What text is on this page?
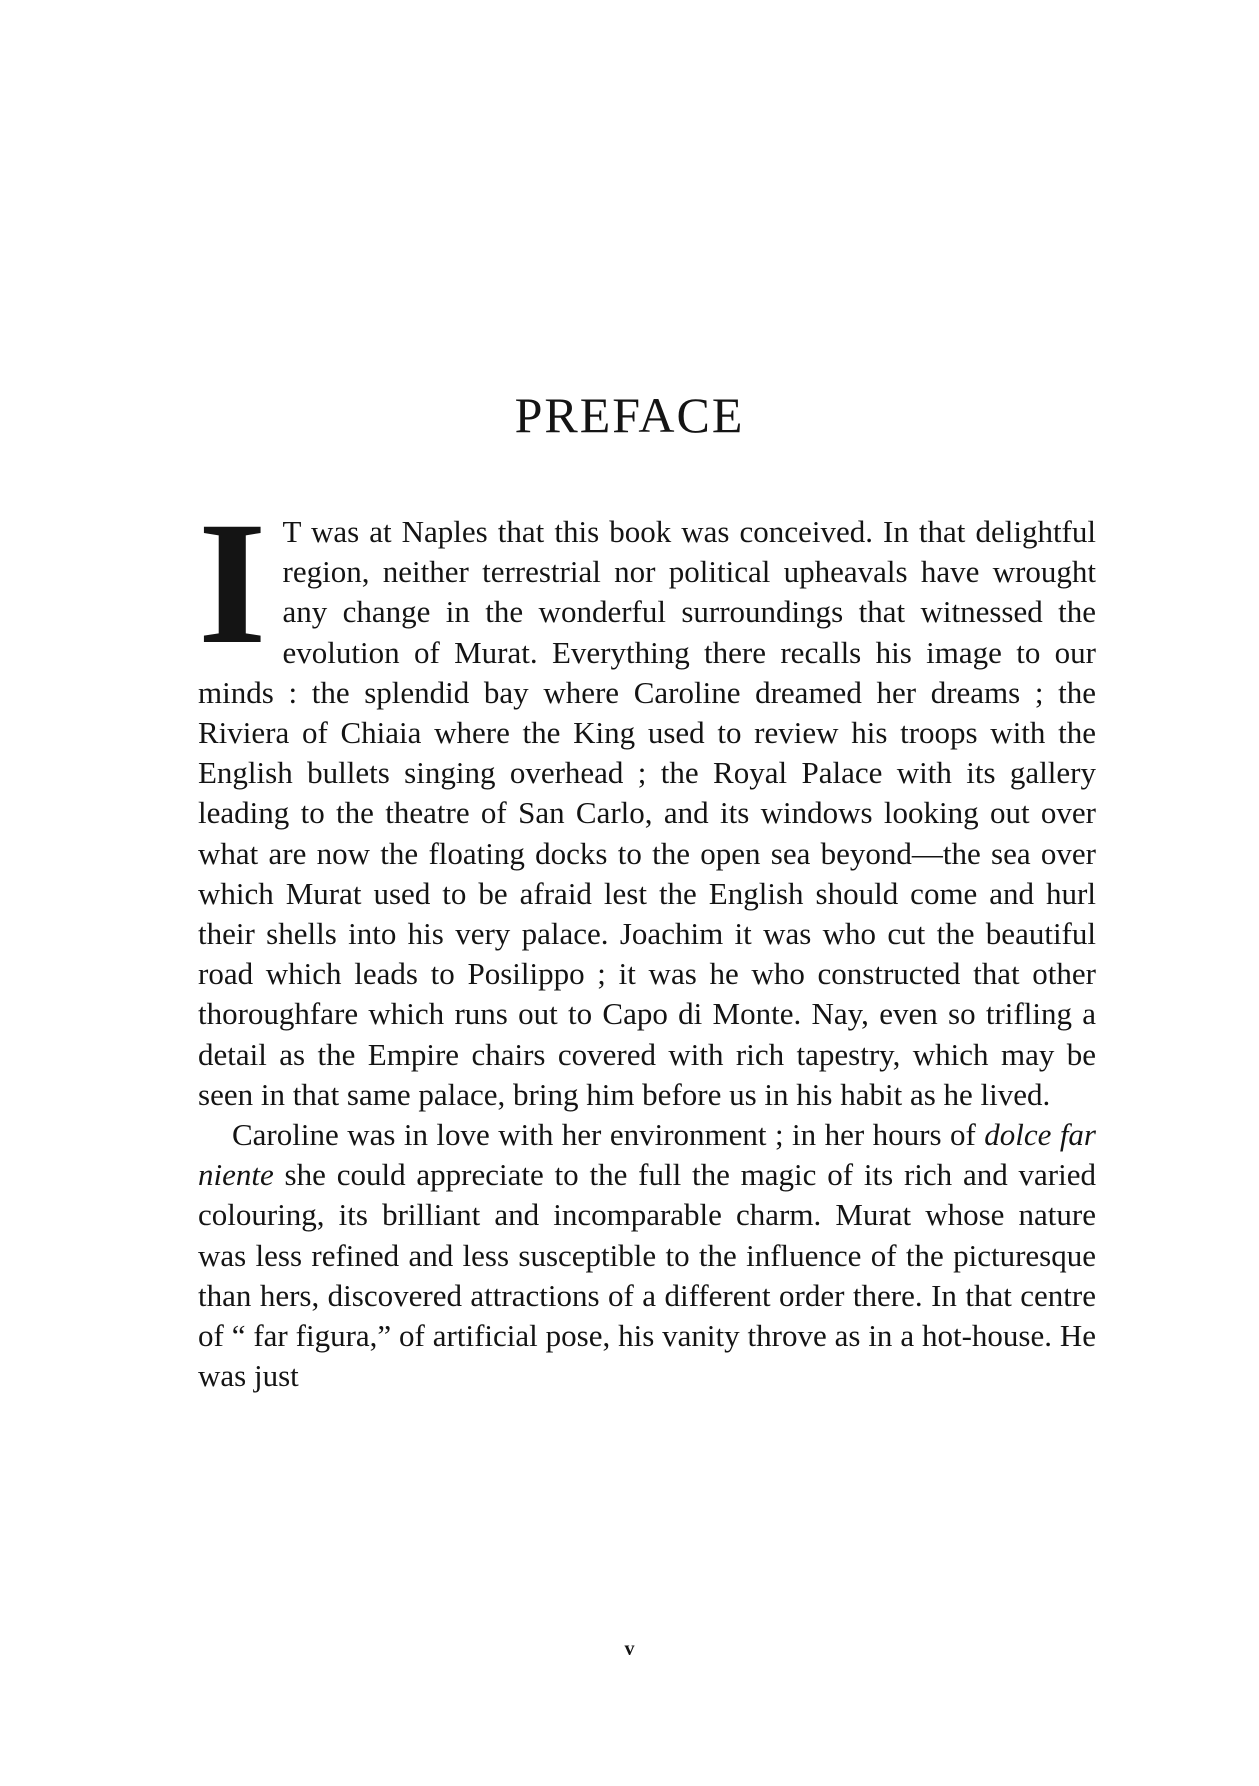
PREFACE

I T was at Naples that this book was conceived. In that delightful region, neither terrestrial nor political upheavals have wrought any change in the wonderful surroundings that witnessed the evolution of Murat. Everything there recalls his image to our minds : the splendid bay where Caroline dreamed her dreams ; the Riviera of Chiaia where the King used to review his troops with the English bullets singing overhead ; the Royal Palace with its gallery leading to the theatre of San Carlo, and its windows looking out over what are now the floating docks to the open sea beyond—the sea over which Murat used to be afraid lest the English should come and hurl their shells into his very palace. Joachim it was who cut the beautiful road which leads to Posilippo ; it was he who constructed that other thoroughfare which runs out to Capo di Monte. Nay, even so trifling a detail as the Empire chairs covered with rich tapestry, which may be seen in that same palace, bring him before us in his habit as he lived.

Caroline was in love with her environment ; in her hours of dolce far niente she could appreciate to the full the magic of its rich and varied colouring, its brilliant and incomparable charm. Murat whose nature was less refined and less susceptible to the influence of the picturesque than hers, discovered attractions of a different order there. In that centre of “ far figura,” of artificial pose, his vanity throve as in a hot-house. He was just

v
